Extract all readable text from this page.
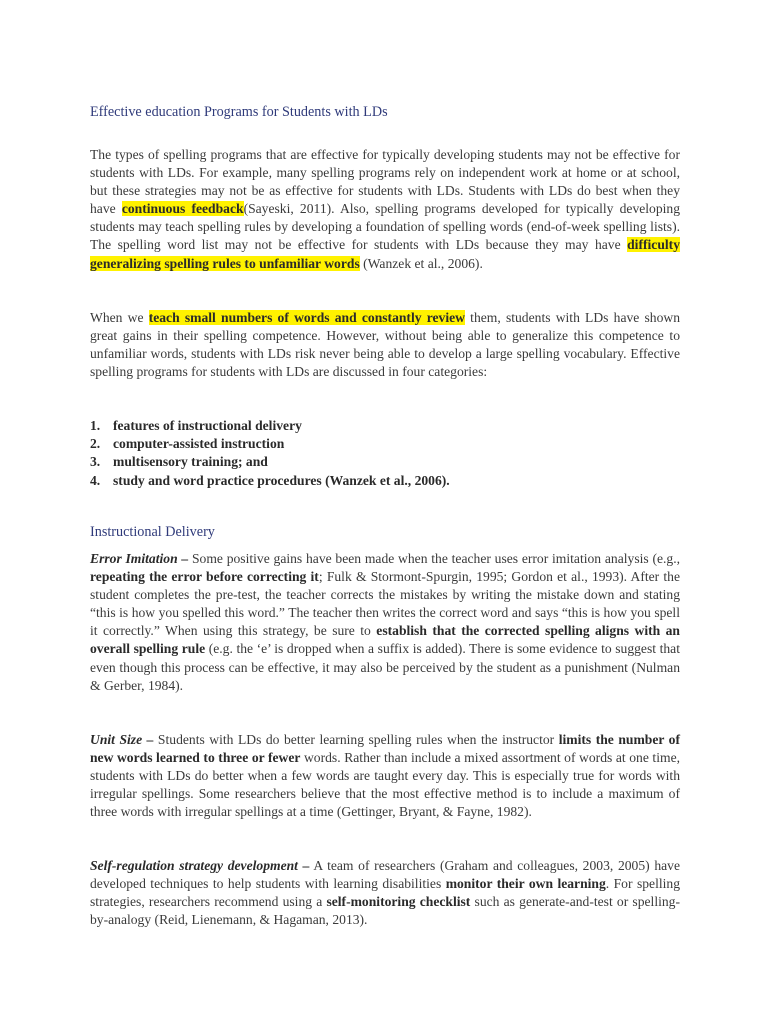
Effective education Programs for Students with LDs

The types of spelling programs that are effective for typically developing students may not be effective for students with LDs. For example, many spelling programs rely on independent work at home or at school, but these strategies may not be as effective for students with LDs. Students with LDs do best when they have continuous feedback(Sayeski, 2011). Also, spelling programs developed for typically developing students may teach spelling rules by developing a foundation of spelling words (end-of-week spelling lists). The spelling word list may not be effective for students with LDs because they may have difficulty generalizing spelling rules to unfamiliar words (Wanzek et al., 2006).

When we teach small numbers of words and constantly review them, students with LDs have shown great gains in their spelling competence. However, without being able to generalize this competence to unfamiliar words, students with LDs risk never being able to develop a large spelling vocabulary. Effective spelling programs for students with LDs are discussed in four categories:

1. features of instructional delivery
2. computer-assisted instruction
3. multisensory training; and
4. study and word practice procedures (Wanzek et al., 2006).
Instructional Delivery

Error Imitation – Some positive gains have been made when the teacher uses error imitation analysis (e.g., repeating the error before correcting it; Fulk & Stormont-Spurgin, 1995; Gordon et al., 1993). After the student completes the pre-test, the teacher corrects the mistakes by writing the mistake down and stating “this is how you spelled this word.” The teacher then writes the correct word and says “this is how you spell it correctly.” When using this strategy, be sure to establish that the corrected spelling aligns with an overall spelling rule (e.g. the ‘e’ is dropped when a suffix is added). There is some evidence to suggest that even though this process can be effective, it may also be perceived by the student as a punishment (Nulman & Gerber, 1984).

Unit Size – Students with LDs do better learning spelling rules when the instructor limits the number of new words learned to three or fewer words. Rather than include a mixed assortment of words at one time, students with LDs do better when a few words are taught every day. This is especially true for words with irregular spellings. Some researchers believe that the most effective method is to include a maximum of three words with irregular spellings at a time (Gettinger, Bryant, & Fayne, 1982).

Self-regulation strategy development – A team of researchers (Graham and colleagues, 2003, 2005) have developed techniques to help students with learning disabilities monitor their own learning. For spelling strategies, researchers recommend using a self-monitoring checklist such as generate-and-test or spelling-by-analogy (Reid, Lienemann, & Hagaman, 2013).
